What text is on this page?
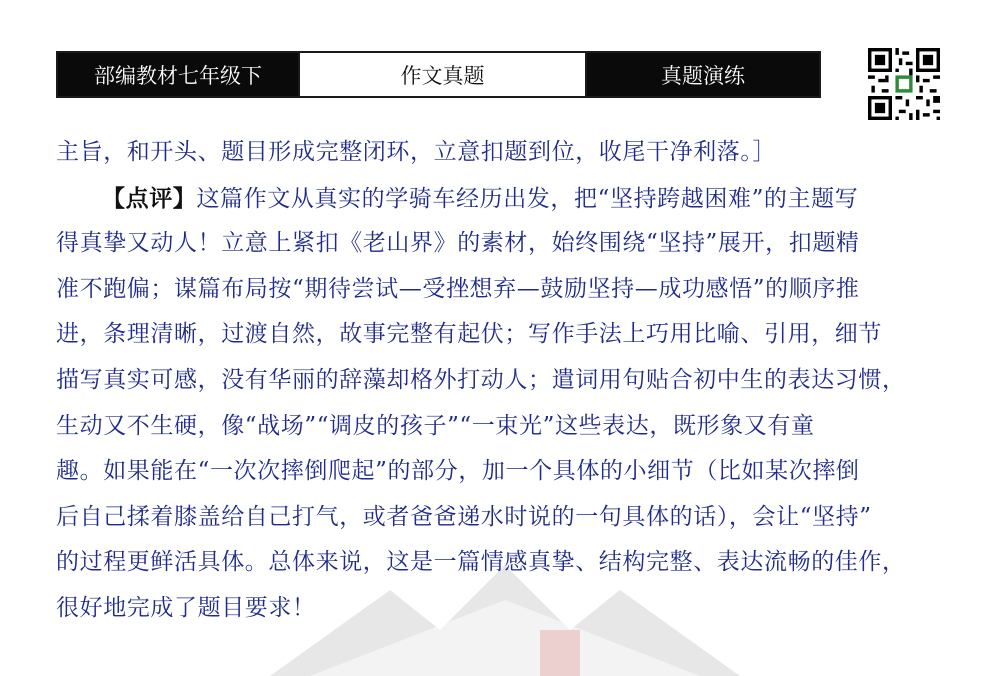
部编教材七年级下	作文真题	真题演练
主旨，和开头、题目形成完整闭环，立意扣题到位，收尾干净利落。］
【点评】这篇作文从真实的学骑车经历出发，把“坚持跨越困难”的主题写
得真挚又动人！立意上紧扣《老山界》的素材，始终围绕“坚持”展开，扣题精
准不跑偏；谋篇布局按“期待尝试—受挫想弃—鼓励坚持—成功感悟”的顺序推
进，条理清晰，过渡自然，故事完整有起伏；写作手法上巧用比喻、引用，细节
描写真实可感，没有华丽的辞藻却格外打动人；遣词用句贴合初中生的表达习惯，
生动又不生硬，像“战场”“调皮的孩子”“一束光”这些表达，既形象又有童
趣。如果能在“一次次摔倒爬起”的部分，加一个具体的小细节（比如某次摔倒
后自己揉着膝盖给自己打气，或者爸爸递水时说的一句具体的话），会让“坚持”
的过程更鲜活具体。总体来说，这是一篇情感真挚、结构完整、表达流畅的佳作，
很好地完成了题目要求！
